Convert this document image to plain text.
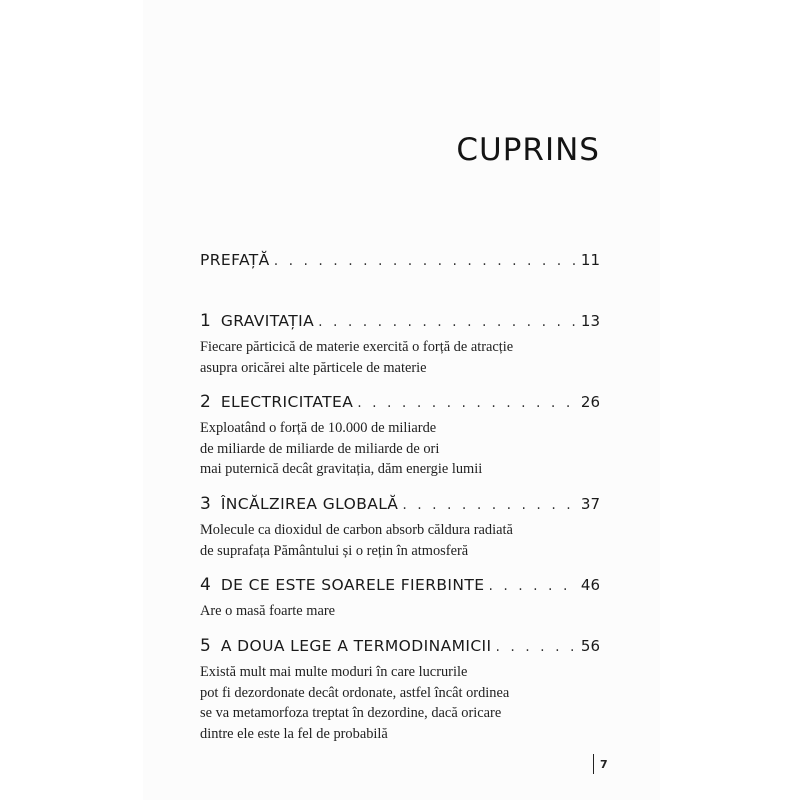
CUPRINS
PREFAȚĂ . . .	11
1 GRAVITAȚIA . . .	13
Fiecare părticică de materie exercită o forță de atracție
asupra oricărei alte părticele de materie
2 ELECTRICITATEA . . .	26
Exploatând o forță de 10.000 de miliarde
de miliarde de miliarde de miliarde de ori
mai puternică decât gravitația, dăm energie lumii
3 ÎNCĂLZIREA GLOBALĂ . . .	37
Molecule ca dioxidul de carbon absorb căldura radiată
de suprafața Pământului și o rețin în atmosferă
4 DE CE ESTE SOARELE FIERBINTE . . .	46
Are o masă foarte mare
5 A DOUA LEGE A TERMODINAMICII . . .	56
Există mult mai multe moduri în care lucrurile
pot fi dezordonate decât ordonate, astfel încât ordinea
se va metamorfoza treptat în dezordine, dacă oricare
dintre ele este la fel de probabilă
7
